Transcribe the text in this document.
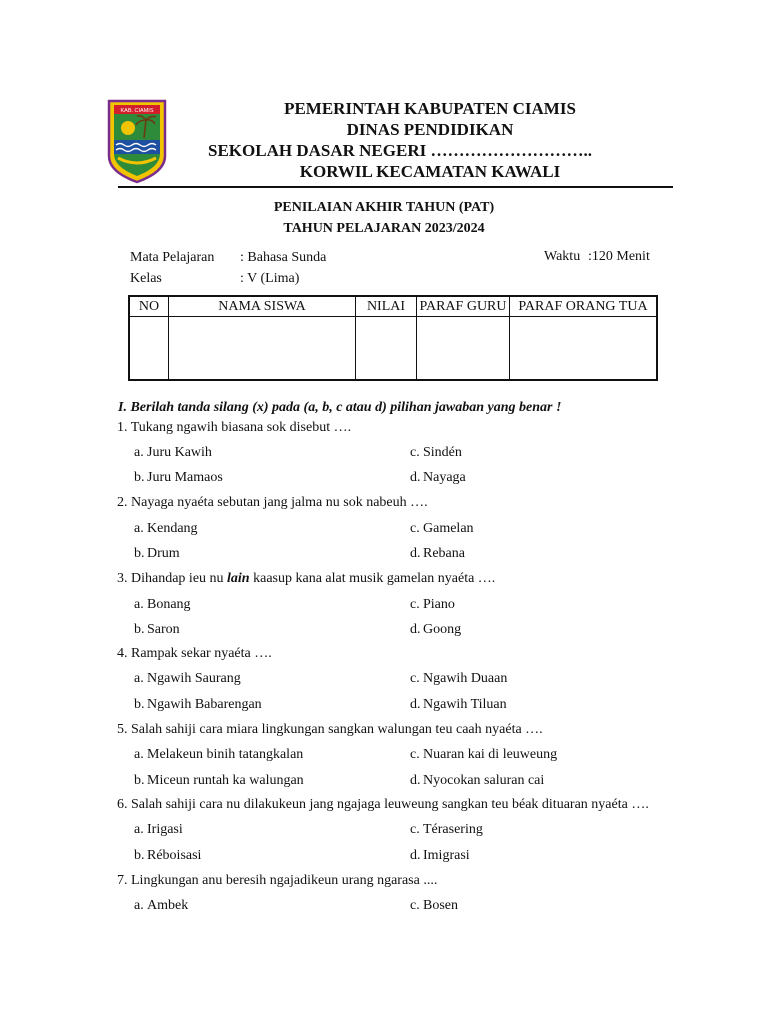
KAB. CIAMIS	PEMERINTAH KABUPATEN CIAMIS
DINAS PENDIDIKAN
SEKOLAH DASAR NEGERI ………………………..
KORWIL KECAMATAN KAWALI
PENILAIAN AKHIR TAHUN (PAT)
TAHUN PELAJARAN 2023/2024
Mata Pelajaran : Bahasa Sunda	Waktu :120 Menit
Kelas	: V (Lima)
NO	NAMA SISWA	NILAI	PARAF GURU	PARAF ORANG TUA

I. Berilah tanda silang (x) pada (a, b, c atau d) pilihan jawaban yang benar !
1. Tukang ngawih biasana sok disebut ….
a. Juru Kawih	c. Sindén
b. Juru Mamaos	d. Nayaga
2. Nayaga nyaéta sebutan jang jalma nu sok nabeuh ….
a. Kendang	c. Gamelan
b. Drum	d. Rebana
3. Dihandap ieu nu lain kaasup kana alat musik gamelan nyaéta ….
a. Bonang	c. Piano
b. Saron	d. Goong
4. Rampak sekar nyaéta ….
a. Ngawih Saurang	c. Ngawih Duaan
b. Ngawih Babarengan	d. Ngawih Tiluan
5. Salah sahiji cara miara lingkungan sangkan walungan teu caah nyaéta ….
a. Melakeun binih tatangkalan	c. Nuaran kai di leuweung
b. Miceun runtah ka walungan	d. Nyocokan saluran cai
6. Salah sahiji cara nu dilakukeun jang ngajaga leuweung sangkan teu béak dituaran nyaéta ….
a. Irigasi	c. Térasering
b. Réboisasi	d. Imigrasi
7. Lingkungan anu beresih ngajadikeun urang ngarasa ....
a. Ambek	c. Bosen
